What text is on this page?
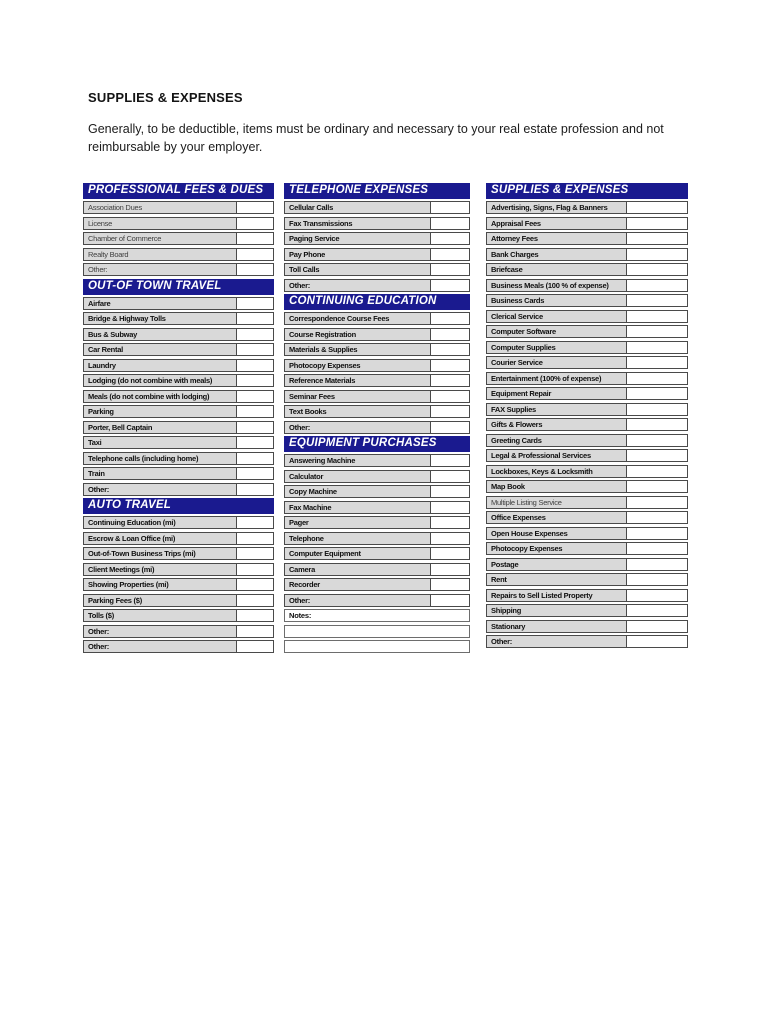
SUPPLIES & EXPENSES
Generally, to be deductible, items must be ordinary and necessary to your real estate profession and not reimbursable by your employer.
PROFESSIONAL FEES & DUES
Association Dues
License
Chamber of Commerce
Realty Board
Other:
OUT-OF TOWN TRAVEL
Airfare
Bridge & Highway Tolls
Bus & Subway
Car Rental
Laundry
Lodging (do not combine with meals)
Meals (do not combine with lodging)
Parking
Porter, Bell Captain
Taxi
Telephone calls (including home)
Train
Other:
AUTO TRAVEL
Continuing Education (mi)
Escrow & Loan Office (mi)
Out-of-Town Business Trips (mi)
Client Meetings (mi)
Showing Properties (mi)
Parking Fees ($)
Tolls ($)
Other:
Other:
TELEPHONE EXPENSES
Cellular Calls
Fax Transmissions
Paging Service
Pay Phone
Toll Calls
Other:
CONTINUING EDUCATION
Correspondence Course Fees
Course Registration
Materials & Supplies
Photocopy Expenses
Reference Materials
Seminar Fees
Text Books
Other:
EQUIPMENT PURCHASES
Answering Machine
Calculator
Copy Machine
Fax Machine
Pager
Telephone
Computer Equipment
Camera
Recorder
Other:
Notes:
SUPPLIES & EXPENSES
Advertising, Signs, Flag & Banners
Appraisal Fees
Attorney Fees
Bank Charges
Briefcase
Business Meals (100 % of expense)
Business Cards
Clerical Service
Computer Software
Computer Supplies
Courier Service
Entertainment (100% of expense)
Equipment Repair
FAX Supplies
Gifts & Flowers
Greeting Cards
Legal & Professional Services
Lockboxes, Keys & Locksmith
Map Book
Multiple Listing Service
Office Expenses
Open House Expenses
Photocopy Expenses
Postage
Rent
Repairs to Sell Listed Property
Shipping
Stationary
Other:
